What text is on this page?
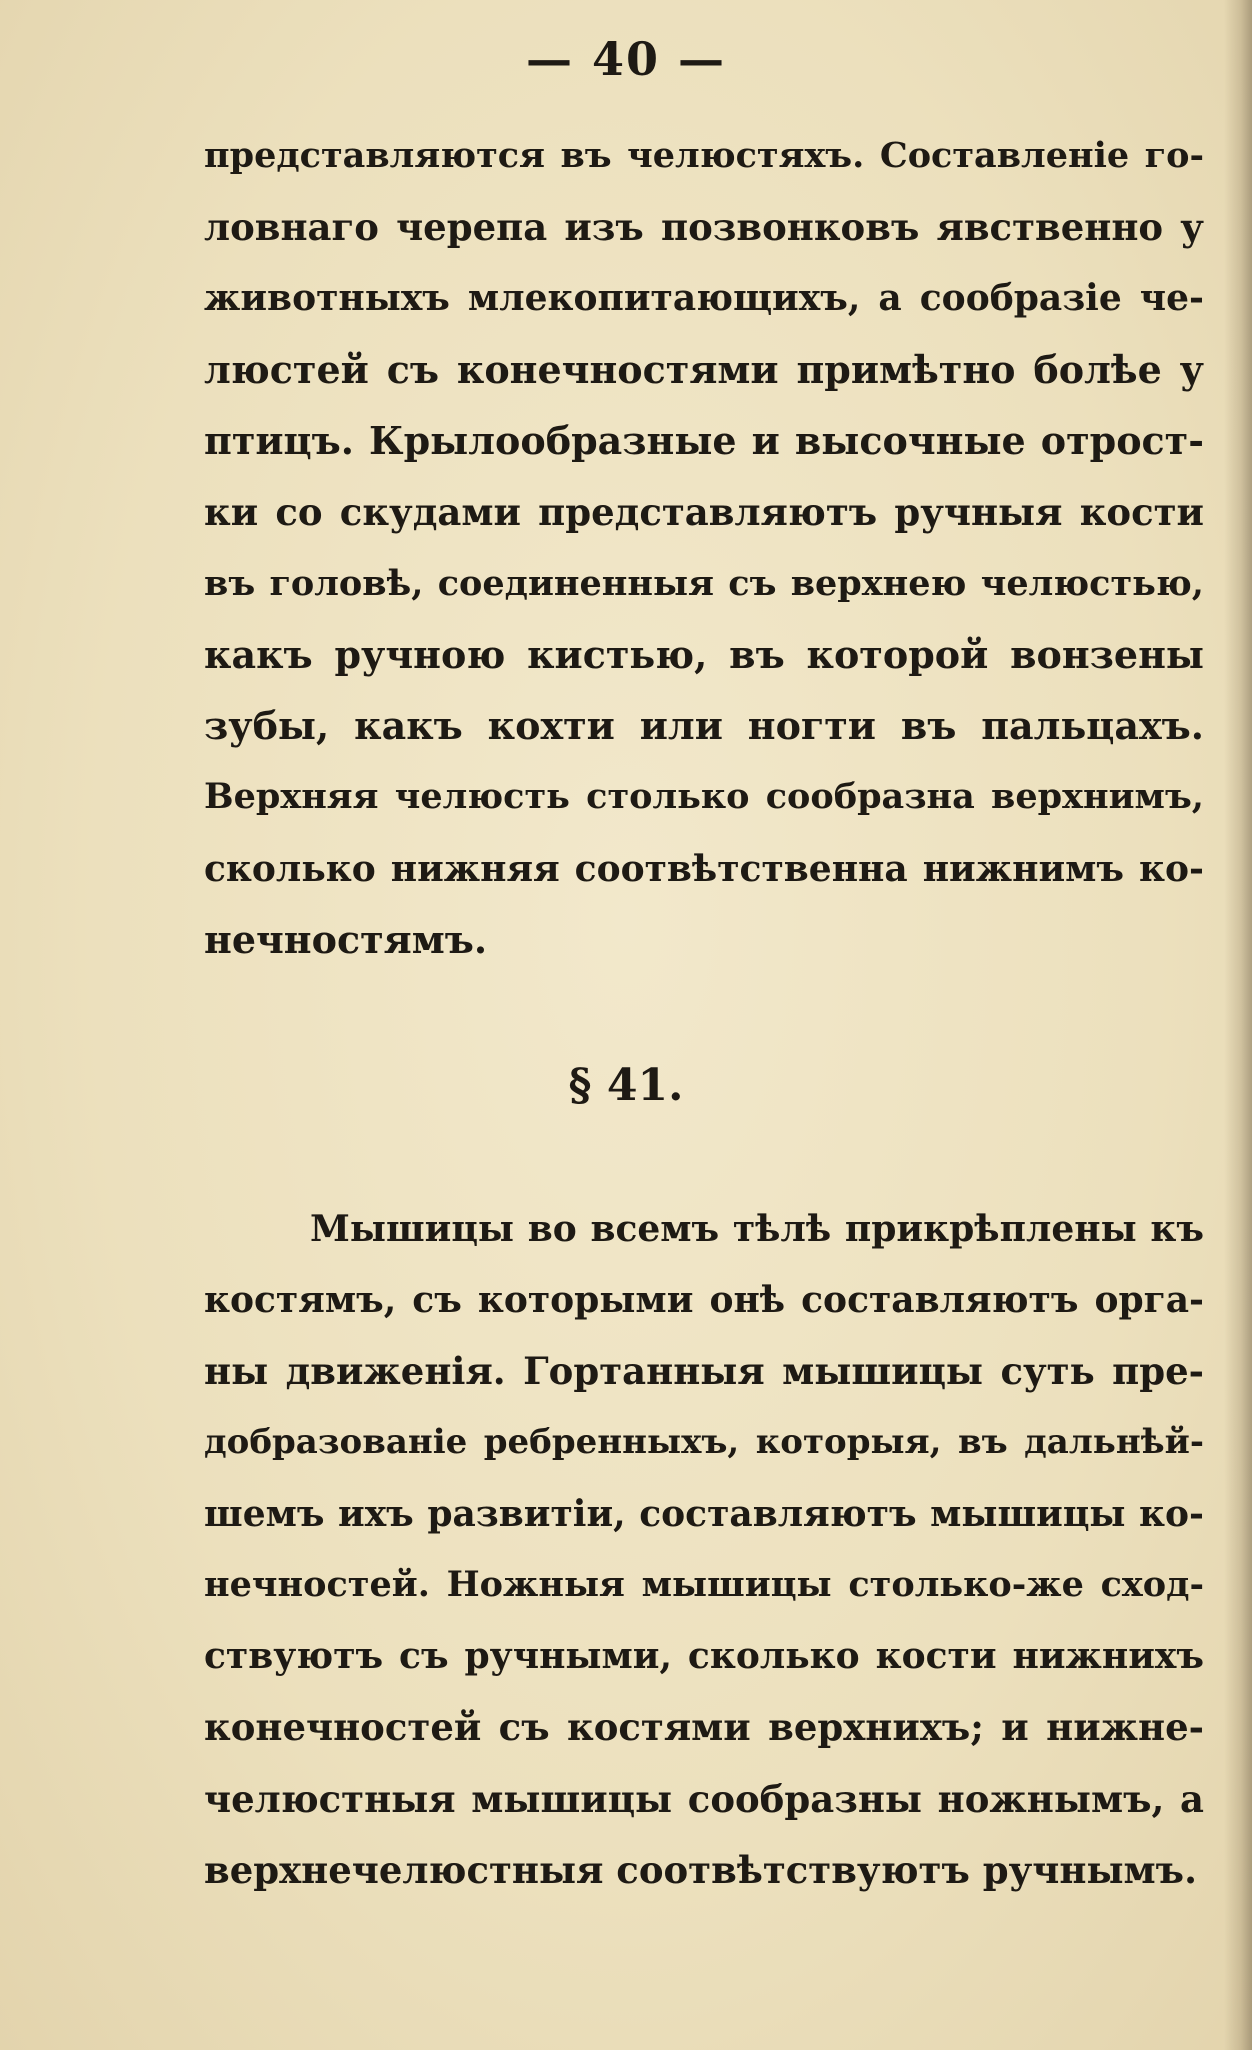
— 40 —
представляются въ челюстяхъ. Составленіе го-
ловнаго черепа изъ позвонковъ явственно у
животныхъ млекопитающихъ, а сообразіе че-
люстей съ конечностями примѣтно болѣе у
птицъ. Крылообразные и высочные отрост-
ки со скудами представляютъ ручныя кости
въ головѣ, соединенныя съ верхнею челюстью,
какъ ручною кистью, въ которой вонзены
зубы, какъ кохти или ногти въ пальцахъ.
Верхняя челюсть столько сообразна верхнимъ,
сколько нижняя соотвѣтственна нижнимъ ко-
нечностямъ.
§ 41.
Мышицы во всемъ тѣлѣ прикрѣплены къ
костямъ, съ которыми онѣ составляютъ орга-
ны движенія. Гортанныя мышицы суть пре-
добразованіе ребренныхъ, которыя, въ дальнѣй-
шемъ ихъ развитіи, составляютъ мышицы ко-
нечностей. Ножныя мышицы столько-же сход-
ствуютъ съ ручными, сколько кости нижнихъ
конечностей съ костями верхнихъ; и нижне-
челюстныя мышицы сообразны ножнымъ, а
верхнечелюстныя соотвѣтствуютъ ручнымъ.
